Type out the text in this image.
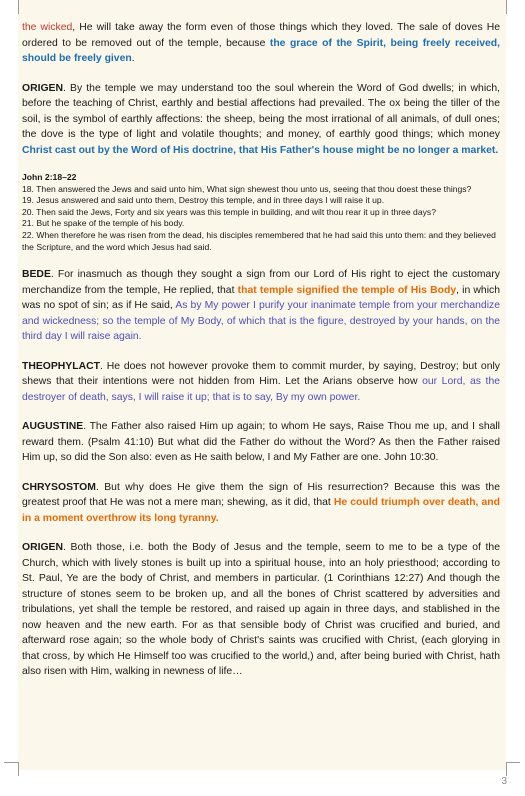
the wicked, He will take away the form even of those things which they loved. The sale of doves He ordered to be removed out of the temple, because the grace of the Spirit, being freely received, should be freely given.

ORIGEN. By the temple we may understand too the soul wherein the Word of God dwells; in which, before the teaching of Christ, earthly and bestial affections had prevailed. The ox being the tiller of the soil, is the symbol of earthly affections: the sheep, being the most irrational of all animals, of dull ones; the dove is the type of light and volatile thoughts; and money, of earthly good things; which money Christ cast out by the Word of His doctrine, that His Father's house might be no longer a market.

John 2:18–22
18. Then answered the Jews and said unto him, What sign shewest thou unto us, seeing that thou doest these things?
19. Jesus answered and said unto them, Destroy this temple, and in three days I will raise it up.
20. Then said the Jews, Forty and six years was this temple in building, and wilt thou rear it up in three days?
21. But he spake of the temple of his body.
22. When therefore he was risen from the dead, his disciples remembered that he had said this unto them: and they believed the Scripture, and the word which Jesus had said.

BEDE. For inasmuch as though they sought a sign from our Lord of His right to eject the customary merchandize from the temple, He replied, that that temple signified the temple of His Body, in which was no spot of sin; as if He said, As by My power I purify your inanimate temple from your merchandize and wickedness; so the temple of My Body, of which that is the figure, destroyed by your hands, on the third day I will raise again.

THEOPHYLACT. He does not however provoke them to commit murder, by saying, Destroy; but only shews that their intentions were not hidden from Him. Let the Arians observe how our Lord, as the destroyer of death, says, I will raise it up; that is to say, By my own power.

AUGUSTINE. The Father also raised Him up again; to whom He says, Raise Thou me up, and I shall reward them. (Psalm 41:10) But what did the Father do without the Word? As then the Father raised Him up, so did the Son also: even as He saith below, I and My Father are one. John 10:30.

CHRYSOSTOM. But why does He give them the sign of His resurrection? Because this was the greatest proof that He was not a mere man; shewing, as it did, that He could triumph over death, and in a moment overthrow its long tyranny.

ORIGEN. Both those, i.e. both the Body of Jesus and the temple, seem to me to be a type of the Church, which with lively stones is built up into a spiritual house, into an holy priesthood; according to St. Paul, Ye are the body of Christ, and members in particular. (1 Corinthians 12:27) And though the structure of stones seem to be broken up, and all the bones of Christ scattered by adversities and tribulations, yet shall the temple be restored, and raised up again in three days, and stablished in the now heaven and the new earth. For as that sensible body of Christ was crucified and buried, and afterward rose again; so the whole body of Christ's saints was crucified with Christ, (each glorying in that cross, by which He Himself too was crucified to the world,) and, after being buried with Christ, hath also risen with Him, walking in newness of life…

3
